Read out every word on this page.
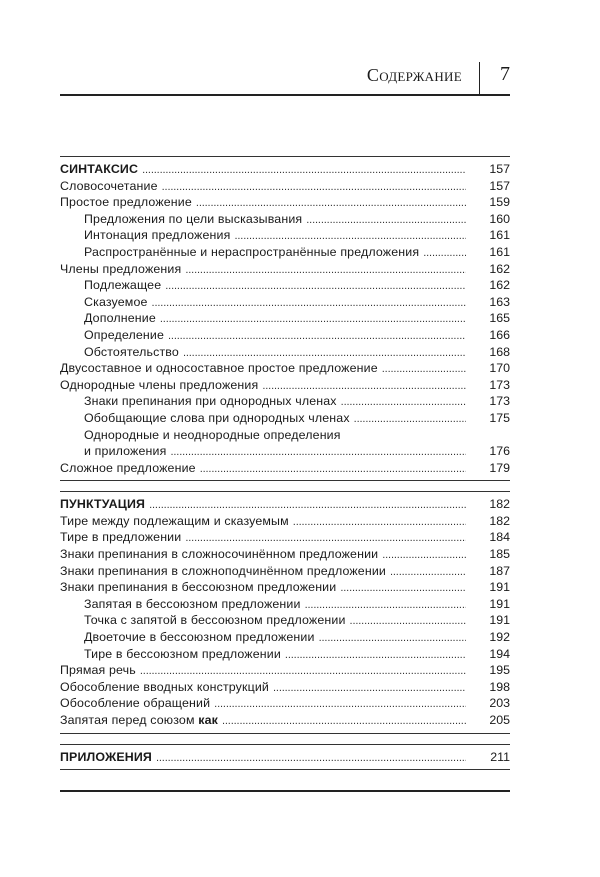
Содержание 7
СИНТАКСИС . . .	157
Словосочетание . . .	157
Простое предложение . . .	159
Предложения по цели высказывания . . .	160
Интонация предложения . . .	161
Распространённые и нераспространённые предложения . . .	161
Члены предложения . . .	162
Подлежащее . . .	162
Сказуемое . . .	163
Дополнение . . .	165
Определение . . .	166
Обстоятельство . . .	168
Двусоставное и односоставное простое предложение . . .	170
Однородные члены предложения . . .	173
Знаки препинания при однородных членах . . .	173
Обобщающие слова при однородных членах . . .	175
Однородные и неоднородные определения
и приложения . . .	176
Сложное предложение . . .	179
ПУНКТУАЦИЯ . . .	182
Тире между подлежащим и сказуемым . . .	182
Тире в предложении . . .	184
Знаки препинания в сложносочинённом предложении . . .	185
Знаки препинания в сложноподчинённом предложении . . .	187
Знаки препинания в бессоюзном предложении . . .	191
Запятая в бессоюзном предложении . . .	191
Точка с запятой в бессоюзном предложении . . .	191
Двоеточие в бессоюзном предложении . . .	192
Тире в бессоюзном предложении . . .	194
Прямая речь . . .	195
Обособление вводных конструкций . . .	198
Обособление обращений . . .	203
Запятая перед союзом как . . .	205
ПРИЛОЖЕНИЯ . . .	211
